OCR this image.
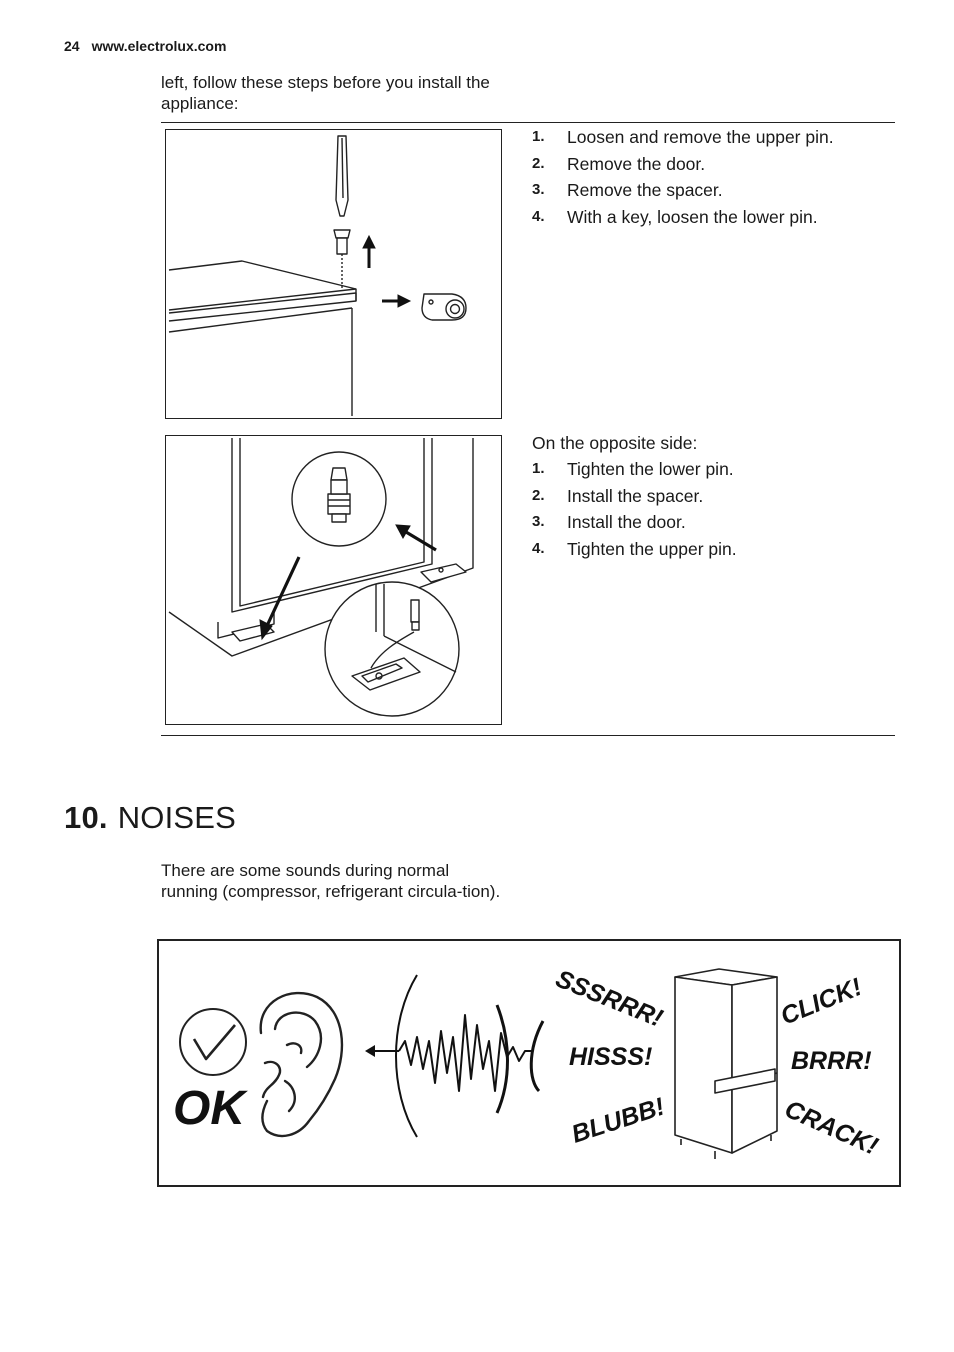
24 www.electrolux.com
left, follow these steps before you install the appliance:
1.	Loosen and remove the upper pin.
2.	Remove the door.
3.	Remove the spacer.
4.	With a key, loosen the lower pin.
On the opposite side:
1.	Tighten the lower pin.
2.	Install the spacer.
3.	Install the door.
4.	Tighten the upper pin.
10. NOISES
There are some sounds during normal running (compressor, refrigerant circula-tion).
OK
SSSRRR!
HISSS!
BLUBB!
CLICK!
BRRR!
CRACK!
